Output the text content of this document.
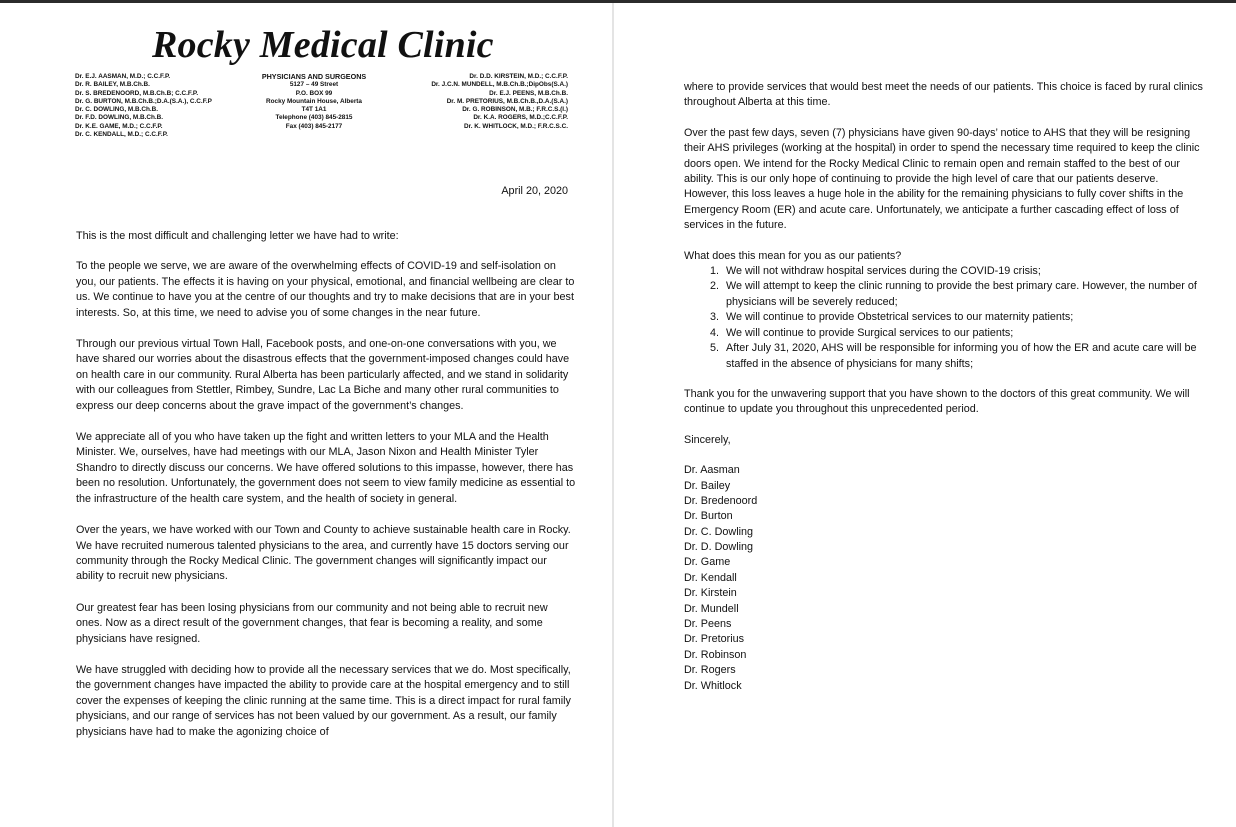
Rocky Medical Clinic
Dr. E.J. AASMAN, M.D.; C.C.F.P.
Dr. R. BAILEY, M.B.Ch.B.
Dr. S. BREDENOORD, M.B.Ch.B; C.C.F.P.
Dr. G. BURTON, M.B.Ch.B.;D.A.(S.A.), C.C.F.P
Dr. C. DOWLING, M.B.Ch.B.
Dr. F.D. DOWLING, M.B.Ch.B.
Dr. K.E. GAME, M.D.; C.C.F.P.
Dr. C. KENDALL, M.D.; C.C.F.P.
PHYSICIANS AND SURGEONS
5127 – 49 Street
P.O. BOX 99
Rocky Mountain House, Alberta
T4T 1A1
Telephone (403) 845-2815
Fax (403) 845-2177
Dr. D.D. KIRSTEIN, M.D.; C.C.F.P.
Dr. J.C.N. MUNDELL, M.B.Ch.B.;DipObs(S.A.)
Dr. E.J. PEENS, M.B.Ch.B.
Dr. M. PRETORIUS, M.B.Ch.B.,D.A.(S.A.)
Dr. G. ROBINSON, M.B.; F.R.C.S.(I.)
Dr. K.A. ROGERS, M.D.;C.C.F.P.
Dr. K. WHITLOCK, M.D.; F.R.C.S.C.
April 20, 2020

This is the most difficult and challenging letter we have had to write:

To the people we serve, we are aware of the overwhelming effects of COVID-19 and self-isolation on you, our patients. The effects it is having on your physical, emotional, and financial wellbeing are clear to us. We continue to have you at the centre of our thoughts and try to make decisions that are in your best interests. So, at this time, we need to advise you of some changes in the near future.

Through our previous virtual Town Hall, Facebook posts, and one-on-one conversations with you, we have shared our worries about the disastrous effects that the government-imposed changes could have on health care in our community. Rural Alberta has been particularly affected, and we stand in solidarity with our colleagues from Stettler, Rimbey, Sundre, Lac La Biche and many other rural communities to express our deep concerns about the grave impact of the government’s changes.

We appreciate all of you who have taken up the fight and written letters to your MLA and the Health Minister. We, ourselves, have had meetings with our MLA, Jason Nixon and Health Minister Tyler Shandro to directly discuss our concerns. We have offered solutions to this impasse, however, there has been no resolution. Unfortunately, the government does not seem to view family medicine as essential to the infrastructure of the health care system, and the health of society in general.

Over the years, we have worked with our Town and County to achieve sustainable health care in Rocky. We have recruited numerous talented physicians to the area, and currently have 15 doctors serving our community through the Rocky Medical Clinic. The government changes will significantly impact our ability to recruit new physicians.

Our greatest fear has been losing physicians from our community and not being able to recruit new ones. Now as a direct result of the government changes, that fear is becoming a reality, and some physicians have resigned.

We have struggled with deciding how to provide all the necessary services that we do. Most specifically, the government changes have impacted the ability to provide care at the hospital emergency and to still cover the expenses of keeping the clinic running at the same time. This is a direct impact for rural family physicians, and our range of services has not been valued by our government. As a result, our family physicians have had to make the agonizing choice of

where to provide services that would best meet the needs of our patients. This choice is faced by rural clinics throughout Alberta at this time.

Over the past few days, seven (7) physicians have given 90-days’ notice to AHS that they will be resigning their AHS privileges (working at the hospital) in order to spend the necessary time required to keep the clinic doors open. We intend for the Rocky Medical Clinic to remain open and remain staffed to the best of our ability. This is our only hope of continuing to provide the high level of care that our patients deserve. However, this loss leaves a huge hole in the ability for the remaining physicians to fully cover shifts in the Emergency Room (ER) and acute care. Unfortunately, we anticipate a further cascading effect of loss of services in the future.

What does this mean for you as our patients?

1. We will not withdraw hospital services during the COVID-19 crisis;
2. We will attempt to keep the clinic running to provide the best primary care. However, the number of physicians will be severely reduced;
3. We will continue to provide Obstetrical services to our maternity patients;
4. We will continue to provide Surgical services to our patients;
5. After July 31, 2020, AHS will be responsible for informing you of how the ER and acute care will be staffed in the absence of physicians for many shifts;

Thank you for the unwavering support that you have shown to the doctors of this great community. We will continue to update you throughout this unprecedented period.

Sincerely,

Dr. Aasman
Dr. Bailey
Dr. Bredenoord
Dr. Burton
Dr. C. Dowling
Dr. D. Dowling
Dr. Game
Dr. Kendall
Dr. Kirstein
Dr. Mundell
Dr. Peens
Dr. Pretorius
Dr. Robinson
Dr. Rogers
Dr. Whitlock
